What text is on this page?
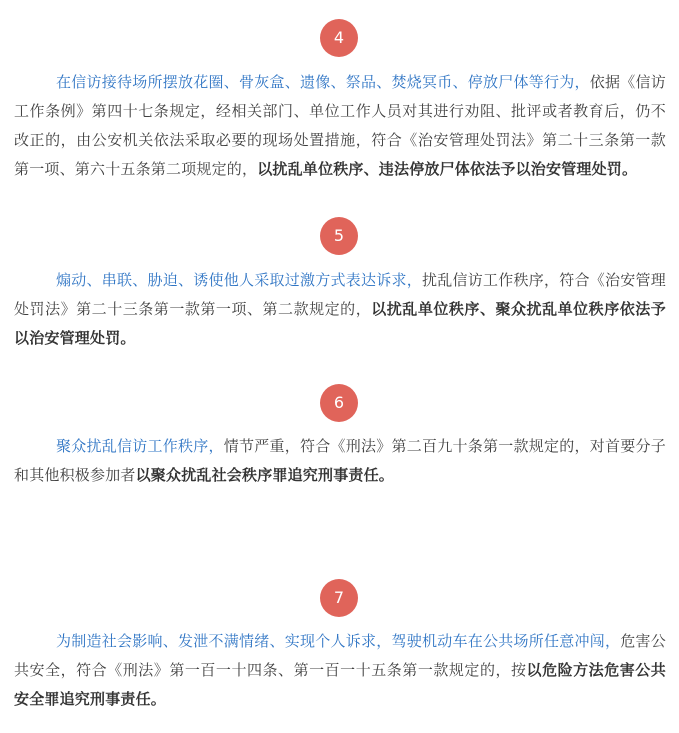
4

在信访接待场所摆放花圈、骨灰盒、遗像、祭品、焚烧冥币、停放尸体等行为，依据《信访工作条例》第四十七条规定，经相关部门、单位工作人员对其进行劝阻、批评或者教育后，仍不改正的，由公安机关依法采取必要的现场处置措施，符合《治安管理处罚法》第二十三条第一款第一项、第六十五条第二项规定的，以扰乱单位秩序、违法停放尸体依法予以治安管理处罚。

5

煽动、串联、胁迫、诱使他人采取过激方式表达诉求，扰乱信访工作秩序，符合《治安管理处罚法》第二十三条第一款第一项、第二款规定的，以扰乱单位秩序、聚众扰乱单位秩序依法予以治安管理处罚。

6

聚众扰乱信访工作秩序，情节严重，符合《刑法》第二百九十条第一款规定的，对首要分子和其他积极参加者以聚众扰乱社会秩序罪追究刑事责任。

7

为制造社会影响、发泄不满情绪、实现个人诉求，驾驶机动车在公共场所任意冲闯，危害公共安全，符合《刑法》第一百一十四条、第一百一十五条第一款规定的，按以危险方法危害公共安全罪追究刑事责任。
